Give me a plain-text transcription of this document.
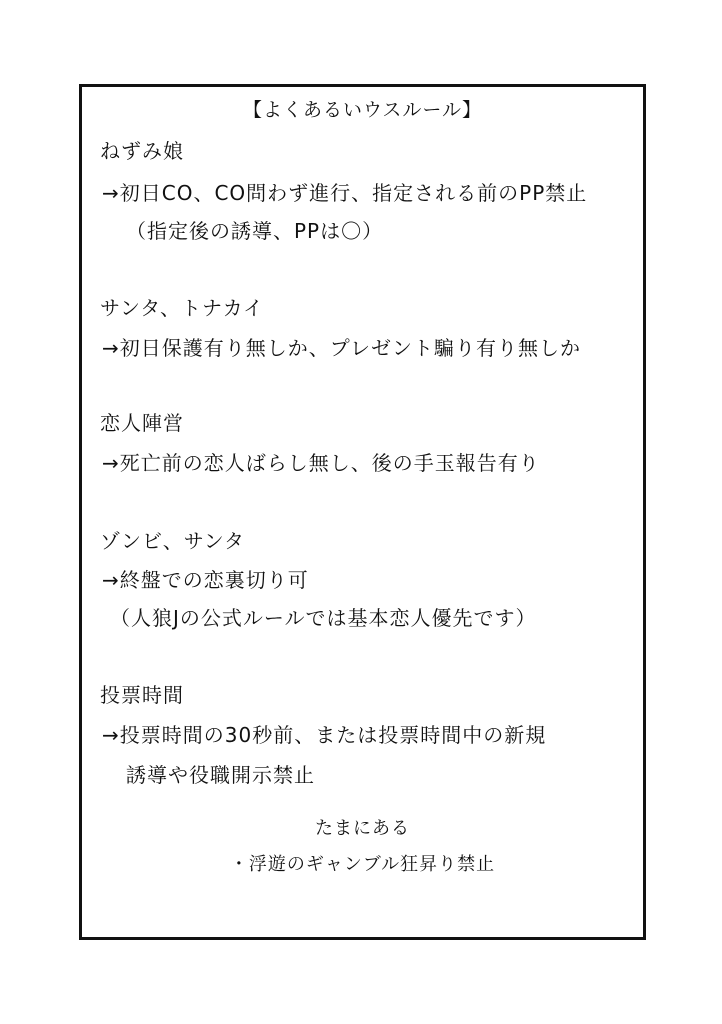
【よくあるいウスルール】
ねずみ娘
→初日CO、CO問わず進行、指定される前のPP禁止
（指定後の誘導、PPは〇）
サンタ、トナカイ
→初日保護有り無しか、プレゼント騙り有り無しか
恋人陣営
→死亡前の恋人ばらし無し、後の手玉報告有り
ゾンビ、サンタ
→終盤での恋裏切り可
（人狼Jの公式ルールでは基本恋人優先です）
投票時間
→投票時間の30秒前、または投票時間中の新規
誘導や役職開示禁止
たまにある
・浮遊のギャンブル狂昇り禁止
